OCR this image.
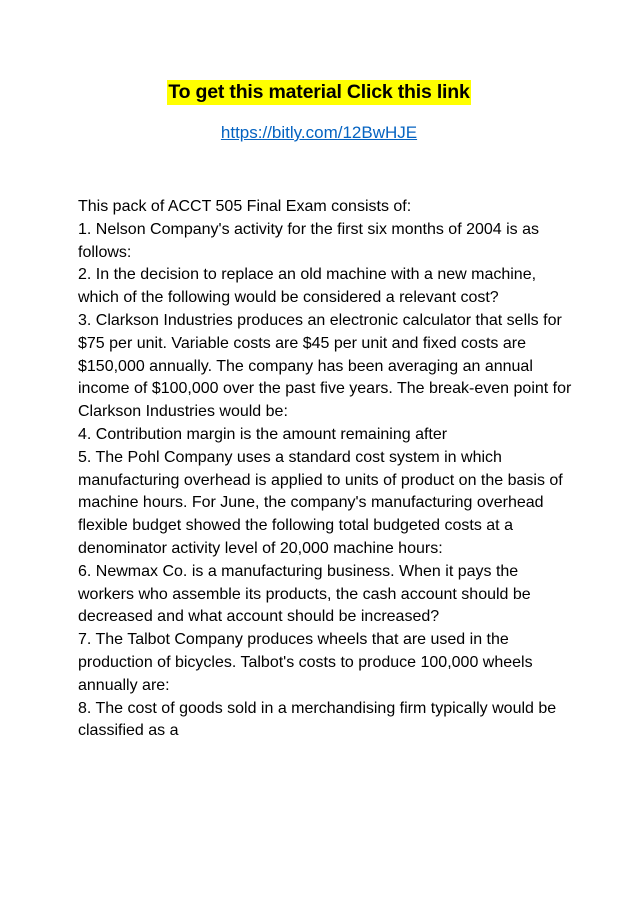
To get this material Click this link
https://bitly.com/12BwHJE

This pack of ACCT 505 Final Exam consists of:

1. Nelson Company's activity for the first six months of 2004 is as follows:

2. In the decision to replace an old machine with a new machine, which of the following would be considered a relevant cost?

3. Clarkson Industries produces an electronic calculator that sells for $75 per unit. Variable costs are $45 per unit and fixed costs are $150,000 annually. The company has been averaging an annual income of $100,000 over the past five years. The break-even point for Clarkson Industries would be:

4. Contribution margin is the amount remaining after

5. The Pohl Company uses a standard cost system in which manufacturing overhead is applied to units of product on the basis of machine hours. For June, the company's manufacturing overhead flexible budget showed the following total budgeted costs at a denominator activity level of 20,000 machine hours:

6. Newmax Co. is a manufacturing business. When it pays the workers who assemble its products, the cash account should be decreased and what account should be increased?

7. The Talbot Company produces wheels that are used in the production of bicycles. Talbot's costs to produce 100,000 wheels annually are:

8. The cost of goods sold in a merchandising firm typically would be classified as a
